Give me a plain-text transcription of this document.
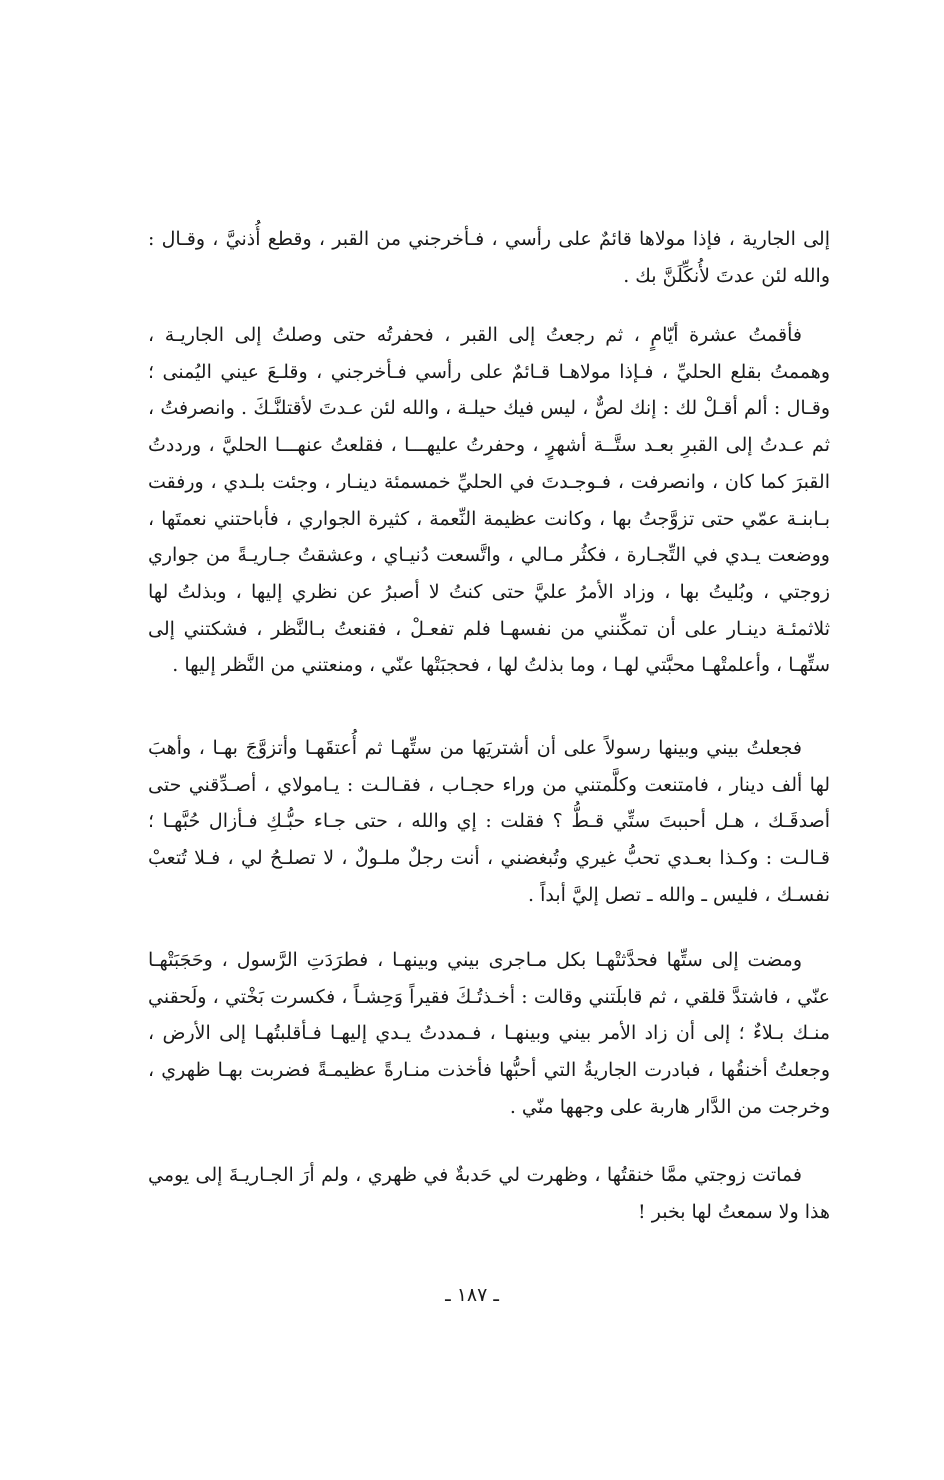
إلى الجارية ، فإذا مولاها قائمٌ على رأسي ، فـأخرجني من القبر ، وقطع أُذنيَّ ، وقـال : والله لئن عدتَ لأُنكِّلَنَّ بك .

فأقمتُ عشرة أيّامٍ ، ثم رجعتُ إلى القبر ، فحفرتُه حتى وصلتُ إلى الجاريـة ، وهممتُ بقلع الحليِّ ، فـإذا مولاهـا قـائمٌ على رأسي فـأخرجني ، وقلـعَ عيني اليُمنى ؛ وقـال : ألم أقـلْ لك : إنك لصٌّ ، ليس فيك حيلـة ، والله لئن عـدتَ لأقتلنَّـكَ . وانصرفتُ ، ثم عـدتُ إلى القبرِ بعـد ستَّــة أشهرٍ ، وحفرتُ عليهـــا ، فقلعتُ عنهـــا الحليَّ ، ورددتُ القبرَ كما كان ، وانصرفت ، فـوجـدتَ في الحليِّ خمسمئة دينـار ، وجئت بلـدي ، ورفقت بـابنـة عمّي حتى تزوَّجتُ بها ، وكانت عظيمة النِّعمة ، كثيرة الجواري ، فأباحتني نعمتَها ، ووضعت يـدي في التِّجـارة ، فكثُر مـالي ، واتَّسعت دُنيـاي ، وعشقتُ جـاريـةً من جواري زوجتي ، وبُليتُ بها ، وزاد الأمرُ عليَّ حتى كنتُ لا أصبرُ عن نظري إليها ، وبذلتُ لها ثلاثمئـة دينـار على أن تمكِّنني من نفسهـا فلم تفعـلْ ، فقنعتُ بـالنَّظر ، فشكتني إلى ستِّهـا ، وأعلمتْهـا محبَّتي لهـا ، وما بذلتُ لها ، فحجبَتْها عنّي ، ومنعتني من النَّظر إليها .

فجعلتُ بيني وبينها رسولاً على أن أشتريَها من ستِّهـا ثم أُعتقَهـا وأتزوَّجَ بهـا ، وأهبَ لها ألف دينار ، فامتنعت وكلَّمتني من وراء حجـاب ، فقـالـت : يـامولاي ، أصـدِّقني حتى أصدقَـك ، هـل أحببتَ ستِّي قـطُّ ؟ فقلت : إي والله ، حتى جـاء حبُّـكِ فـأزال حُبَّهـا ؛ قـالـت : وكـذا بعـدي تحبُّ غيري وتُبغضني ، أنت رجلٌ ملـولٌ ، لا تصلـحُ لي ، فـلا تُتعبْ نفسـك ، فليس ـ والله ـ تصل إليَّ أبداً .

ومضت إلى ستِّها فحدَّثتْهـا بكل مـاجرى بيني وبينهـا ، فطرَدَتِ الرَّسول ، وحَجَبَتْهـا عنّي ، فاشتدَّ قلقي ، ثم قابلَتني وقالت : أخـذتُـكَ فقيراً وَحِشـاً ، فكسرت بَخْتي ، ولَحقني منـك بـلاءٌ ؛ إلى أن زاد الأمر بيني وبينهـا ، فـمددتُ يـدي إليهـا فـأقلبتُهـا إلى الأرض ، وجعلتُ أخنقُها ، فبادرت الجاريةُ التي أحبُّها فأخذت منـارةً عظيمـةً فضربت بهـا ظهري ، وخرجت من الدَّار هاربة على وجهها منّي .

فماتت زوجتي ممَّا خنقتُها ، وظهرت لي حَدبةٌ في ظهري ، ولم أرَ الجـاريـةَ إلى يومي هذا ولا سمعتُ لها بخبر !

ـ ١٨٧ ـ
